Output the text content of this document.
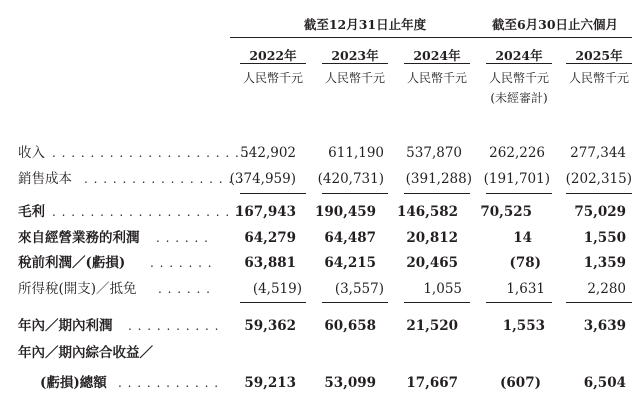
截至12月31日止年度	截至6月30日止六個月
2022年	2023年	2024年	2024年	2025年
人民幣千元	人民幣千元	人民幣千元	人民幣千元	人民幣千元
(未經審計)
收入 . . . . . . . . . . . . . . . . . . . . .
542,902	611,190	537,870	262,226	277,344
銷售成本 . . . . . . . . . . . . . . . . .
(374,959)	(420,731)	(391,288) (191,701)	(202,315)
毛利 . . . . . . . . . . . . . . . . . . . . .
167,943	190,459	146,582	70,525	75,029
來自經營業務的利潤 . . . . . .	64,279	64,487	20,812	14	1,550
稅前利潤／(虧損) . . . . . . .	63,881	64,215	20,465	(78)	1,359
所得稅(開支)／抵免 . . . . . .	(4,519)	(3,557)	1,055	1,631	2,280
年內／期內利潤 . . . . . . . . . .	59,362	60,658	21,520	1,553	3,639
年內／期內綜合收益／
(虧損)總額 . . . . . . . . . . .	59,213	53,099	17,667	(607)	6,504
